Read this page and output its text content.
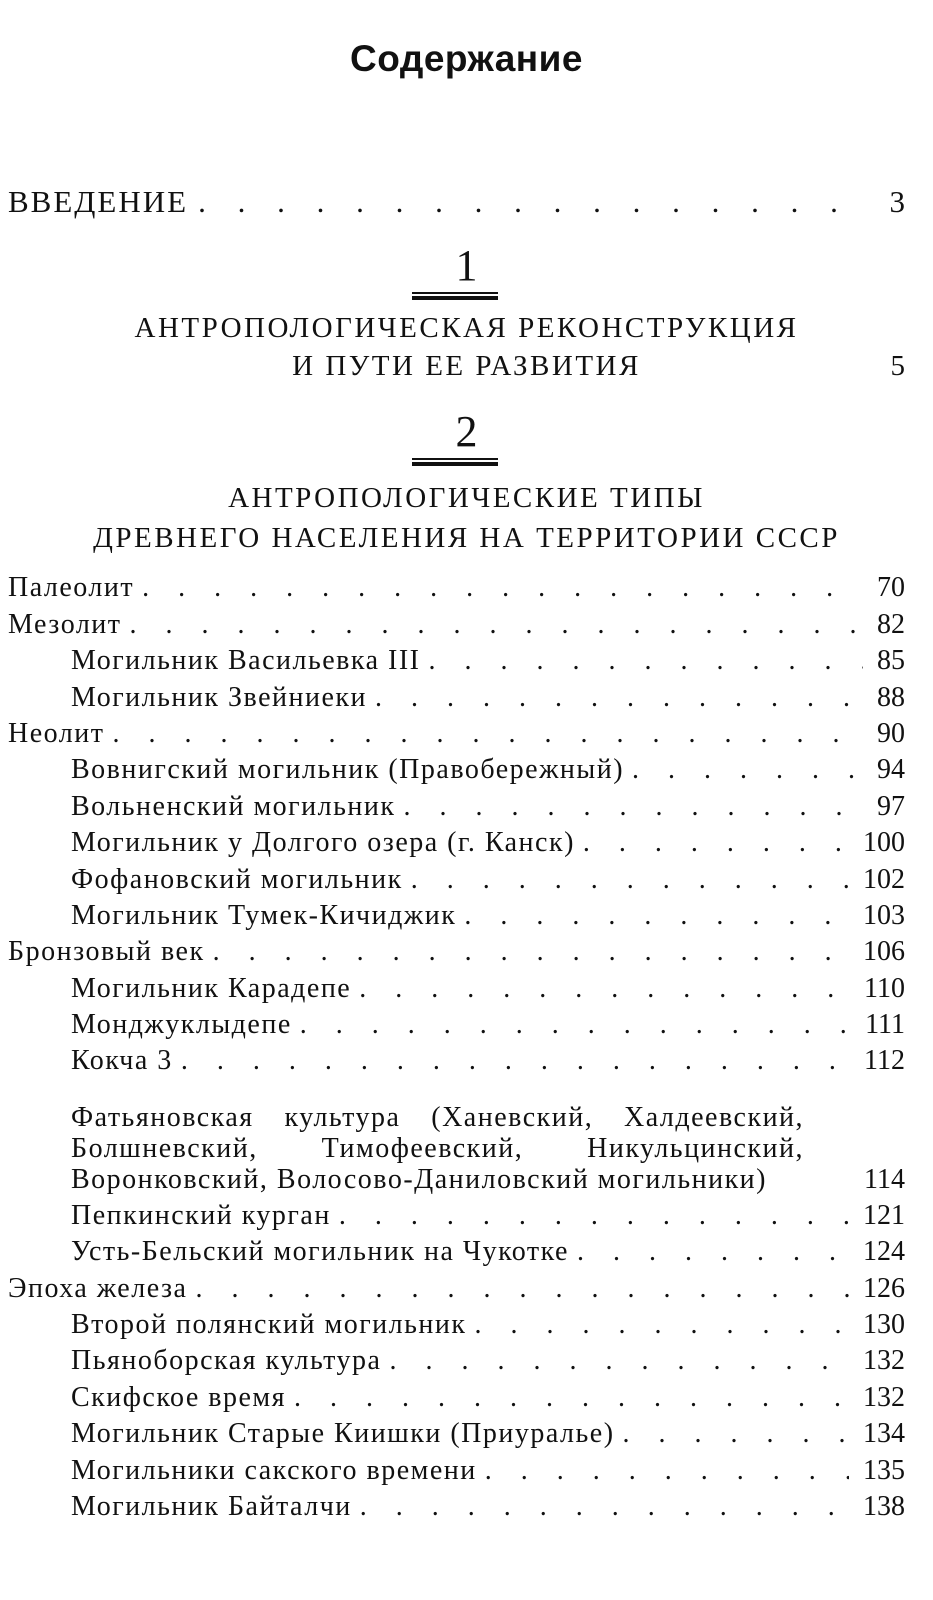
Содержание
ВВЕДЕНИЕ . . .	3
1
АНТРОПОЛОГИЧЕСКАЯ РЕКОНСТРУКЦИЯ
И ПУТИ ЕЕ РАЗВИТИЯ	5
2
АНТРОПОЛОГИЧЕСКИЕ ТИПЫ
ДРЕВНЕГО НАСЕЛЕНИЯ НА ТЕРРИТОРИИ СССР
Палеолит . . .	70
Мезолит . . .	82
Могильник Васильевка III . . .	85
Могильник Звейниеки . . .	88
Неолит . . .	90
Вовнигский могильник (Правобережный) . . .	94
Вольненский могильник . . .	97
Могильник у Долгого озера (г. Канск) . . .	100
Фофановский могильник . . .	102
Могильник Тумек-Кичиджик . . .	103
Бронзовый век . . .	106
Могильник Карадепе . . .	110
Монджуклыдепе . . .	111
Кокча 3 . . .	112
Фатьяновская культура (Ханевский, Халдеевский, Болшневский, Тимофеевский, Никульцинский, Воронковский, Волосово-Даниловский могильники)	114
Пепкинский курган . . .	121
Усть-Бельский могильник на Чукотке . . .	124
Эпоха железа . . .	126
Второй полянский могильник . . .	130
Пьяноборская культура . . .	132
Скифское время . . .	132
Могильник Старые Киишки (Приуралье) . . .	134
Могильники сакского времени . . .	135
Могильник Байталчи . . .	138
